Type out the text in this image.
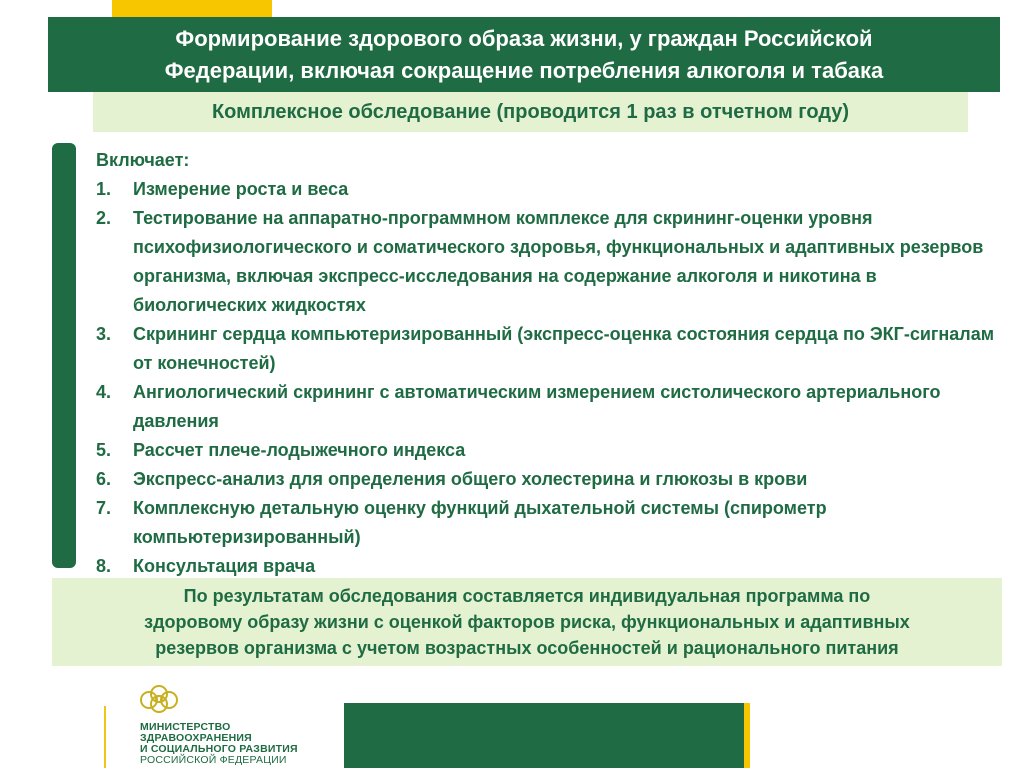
Формирование здорового образа жизни, у граждан Российской
Федерации, включая сокращение потребления алкоголя и табака
Комплексное обследование (проводится 1 раз в отчетном году)

Включает:

1. Измерение роста и веса
2. Тестирование на аппаратно-программном комплексе для скрининг-оценки уровня психофизиологического и соматического здоровья, функциональных и адаптивных резервов организма, включая экспресс-исследования на содержание алкоголя и никотина в биологических жидкостях
3. Скрининг сердца компьютеризированный (экспресс-оценка состояния сердца по ЭКГ-сигналам от конечностей)
4. Ангиологический скрининг с автоматическим измерением систолического артериального давления
5. Рассчет плече-лодыжечного индекса
6. Экспресс-анализ для определения общего холестерина и глюкозы в крови
7. Комплексную детальную оценку функций дыхательной системы (спирометр компьютеризированный)
8. Консультация врача
По результатам обследования составляется индивидуальная программа по
здоровому образу жизни с оценкой факторов риска, функциональных и адаптивных
резервов организма с учетом возрастных особенностей и рационального питания
МИНИСТЕРСТВО
ЗДРАВООХРАНЕНИЯ
И СОЦИАЛЬНОГО РАЗВИТИЯ
РОССИЙСКОЙ ФЕДЕРАЦИИ
